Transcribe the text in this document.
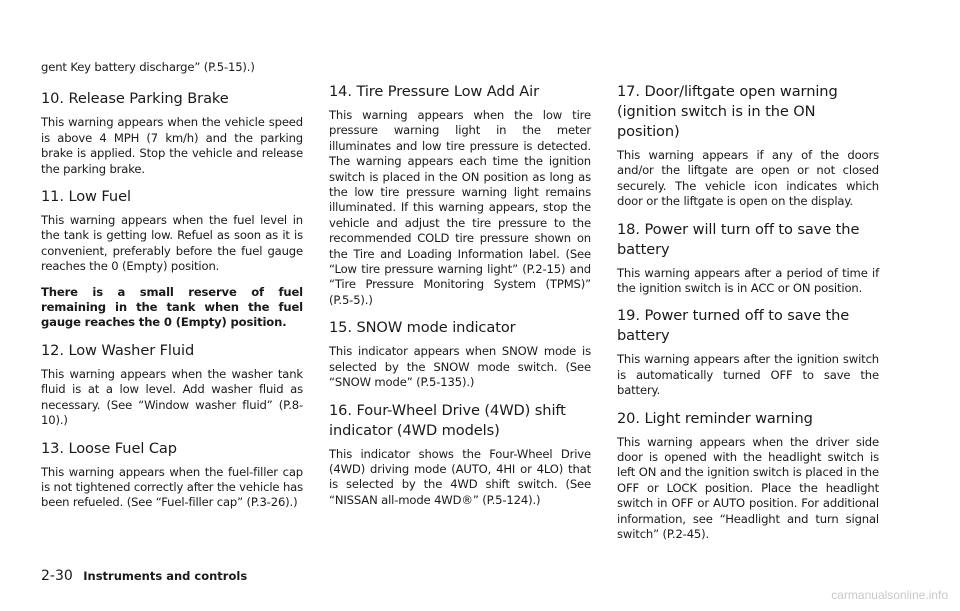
gent Key battery discharge” (P.5-15).)

10. Release Parking Brake

This warning appears when the vehicle speed is above 4 MPH (7 km/h) and the parking brake is applied. Stop the vehicle and release the parking brake.

11. Low Fuel

This warning appears when the fuel level in the tank is getting low. Refuel as soon as it is convenient, preferably before the fuel gauge reaches the 0 (Empty) position.

There is a small reserve of fuel remaining in the tank when the fuel gauge reaches the 0 (Empty) position.

12. Low Washer Fluid

This warning appears when the washer tank fluid is at a low level. Add washer fluid as necessary. (See “Window washer fluid” (P.8-10).)

13. Loose Fuel Cap

This warning appears when the fuel-filler cap is not tightened correctly after the vehicle has been refueled. (See “Fuel-filler cap” (P.3-26).)

14. Tire Pressure Low Add Air

This warning appears when the low tire pressure warning light in the meter illuminates and low tire pressure is detected. The warning appears each time the ignition switch is placed in the ON position as long as the low tire pressure warning light remains illuminated. If this warning appears, stop the vehicle and adjust the tire pressure to the recommended COLD tire pressure shown on the Tire and Loading Information label. (See “Low tire pressure warning light” (P.2-15) and “Tire Pressure Monitoring System (TPMS)” (P.5-5).)

15. SNOW mode indicator

This indicator appears when SNOW mode is selected by the SNOW mode switch. (See “SNOW mode” (P.5-135).)

16. Four-Wheel Drive (4WD) shift indicator (4WD models)

This indicator shows the Four-Wheel Drive (4WD) driving mode (AUTO, 4HI or 4LO) that is selected by the 4WD shift switch. (See “NISSAN all-mode 4WD®” (P.5-124).)

17. Door/liftgate open warning (ignition switch is in the ON position)

This warning appears if any of the doors and/or the liftgate are open or not closed securely. The vehicle icon indicates which door or the liftgate is open on the display.

18. Power will turn off to save the battery

This warning appears after a period of time if the ignition switch is in ACC or ON position.

19. Power turned off to save the battery

This warning appears after the ignition switch is automatically turned OFF to save the battery.

20. Light reminder warning

This warning appears when the driver side door is opened with the headlight switch is left ON and the ignition switch is placed in the OFF or LOCK position. Place the headlight switch in OFF or AUTO position. For additional information, see “Headlight and turn signal switch” (P.2-45).

2-30 Instruments and controls
carmanualsonline.info
